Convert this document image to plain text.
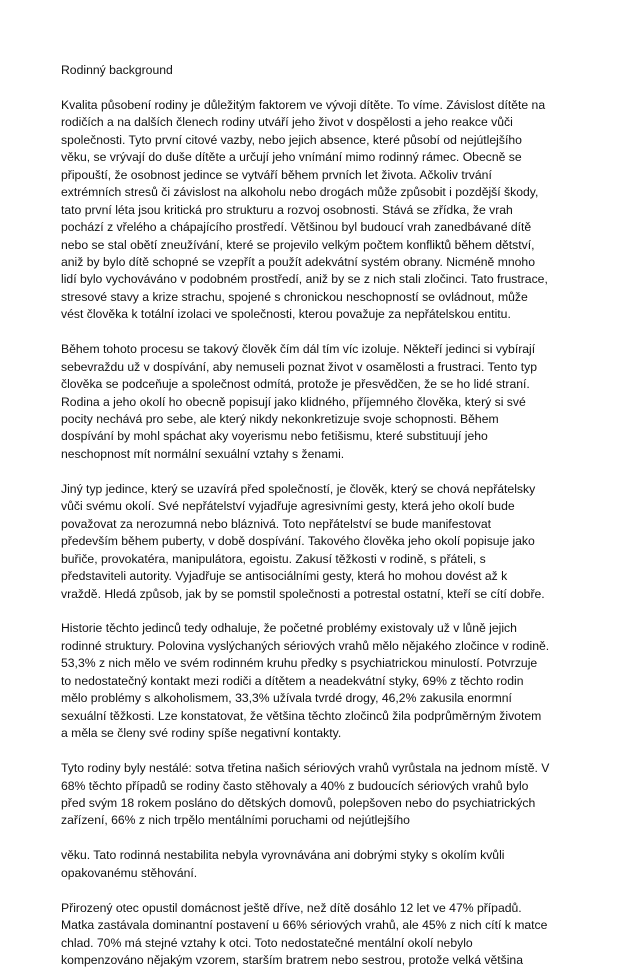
Rodinný background
Kvalita působení rodiny je důležitým faktorem ve vývoji dítěte. To víme. Závislost dítěte na
rodičích a na dalších členech rodiny utváří jeho život v dospělosti a jeho reakce vůči
společnosti. Tyto první citové vazby, nebo jejich absence, které působí od nejútlejšího
věku, se vrývají do duše dítěte a určují jeho vnímání mimo rodinný rámec. Obecně se
připouští, že osobnost jedince se vytváří během prvních let života. Ačkoliv trvání
extrémních stresů či závislost na alkoholu nebo drogách může způsobit i pozdější škody,
tato první léta jsou kritická pro strukturu a rozvoj osobnosti. Stává se zřídka, že vrah
pochází z vřelého a chápajícího prostředí. Většinou byl budoucí vrah zanedbávané dítě
nebo se stal obětí zneužívání, které se projevilo velkým počtem konfliktů během dětství,
aniž by bylo dítě schopné se vzepřít a použít adekvátní systém obrany. Nicméně mnoho
lidí bylo vychováváno v podobném prostředí, aniž by se z nich stali zločinci. Tato frustrace,
stresové stavy a krize strachu, spojené s chronickou neschopností se ovládnout, může
vést člověka k totální izolaci ve společnosti, kterou považuje za nepřátelskou entitu.
Během tohoto procesu se takový člověk čím dál tím víc izoluje. Někteří jedinci si vybírají
sebevraždu už v dospívání, aby nemuseli poznat život v osamělosti a frustraci. Tento typ
člověka se podceňuje a společnost odmítá, protože je přesvědčen, že se ho lidé straní.
Rodina a jeho okolí ho obecně popisují jako klidného, příjemného člověka, který si své
pocity nechává pro sebe, ale který nikdy nekonkretizuje svoje schopnosti. Během
dospívání by mohl spáchat aky voyerismu nebo fetišismu, které substituují jeho
neschopnost mít normální sexuální vztahy s ženami.
Jiný typ jedince, který se uzavírá před společností, je člověk, který se chová nepřátelsky
vůči svému okolí. Své nepřátelství vyjadřuje agresivními gesty, která jeho okolí bude
považovat za nerozumná nebo bláznivá. Toto nepřátelství se bude manifestovat
především během puberty, v době dospívání. Takového člověka jeho okolí popisuje jako
buřiče, provokatéra, manipulátora, egoistu. Zakusí těžkosti v rodině, s přáteli, s
představiteli autority. Vyjadřuje se antisociálními gesty, která ho mohou dovést až k
vraždě. Hledá způsob, jak by se pomstil společnosti a potrestal ostatní, kteří se cítí dobře.
Historie těchto jedinců tedy odhaluje, že početné problémy existovaly už v lůně jejich
rodinné struktury. Polovina vyslýchaných sériových vrahů mělo nějakého zločince v rodině.
53,3% z nich mělo ve svém rodinném kruhu předky s psychiatrickou minulostí. Potvrzuje
to nedostatečný kontakt mezi rodiči a dítětem a neadekvátní styky, 69% z těchto rodin
mělo problémy s alkoholismem, 33,3% užívala tvrdé drogy, 46,2% zakusila enormní
sexuální těžkosti. Lze konstatovat, že většina těchto zločinců žila podprůměrným životem
a měla se členy své rodiny spíše negativní kontakty.
Tyto rodiny byly nestálé: sotva třetina našich sériových vrahů vyrůstala na jednom místě. V
68% těchto případů se rodiny často stěhovaly a 40% z budoucích sériových vrahů bylo
před svým 18 rokem posláno do dětských domovů, polepšoven nebo do psychiatrických
zařízení, 66% z nich trpělo mentálními poruchami od nejútlejšího
věku. Tato rodinná nestabilita nebyla vyrovnávána ani dobrými styky s okolím kvůli
opakovanému stěhování.
Přirozený otec opustil domácnost ještě dříve, než dítě dosáhlo 12 let ve 47% případů.
Matka zastávala dominantní postavení u 66% sériových vrahů, ale 45% z nich cítí k matce
chlad. 70% má stejné vztahy k otci. Toto nedostatečné mentální okolí nebylo
kompenzováno nějakým vzorem, starším bratrem nebo sestrou, protože velká většina
